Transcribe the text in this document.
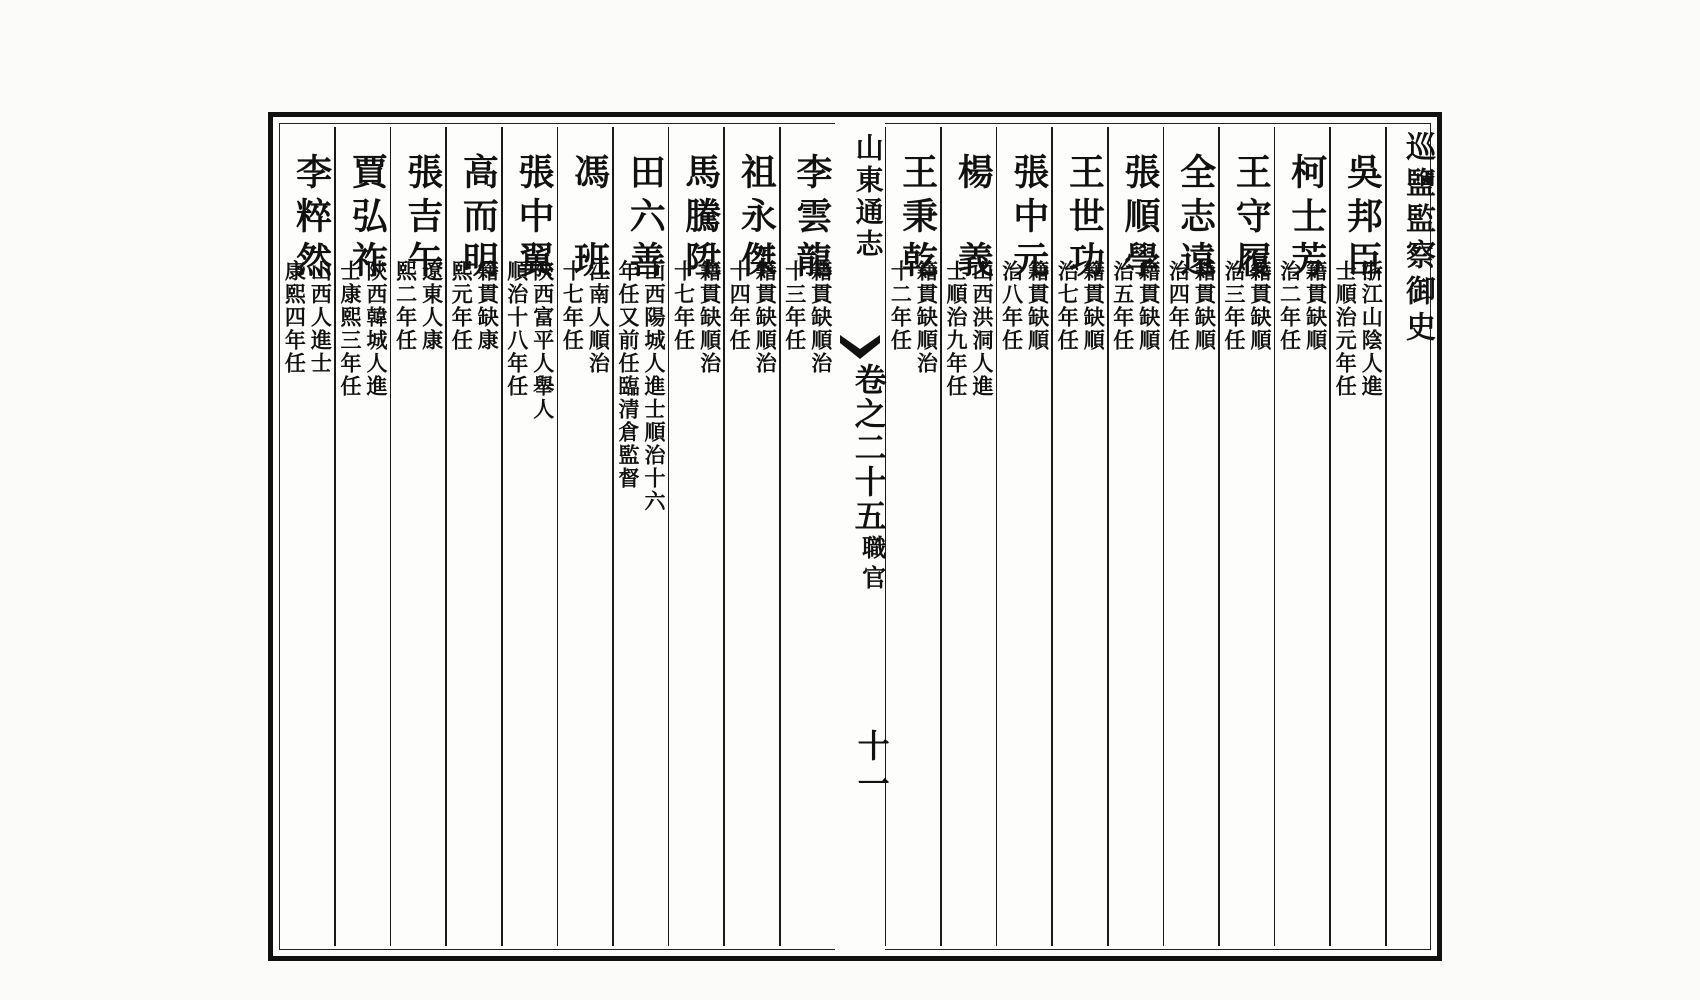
巡鹽監察御史
吳邦臣
浙江山陰人進
士順治元年任
柯士芳
籍貫缺順
治二年任
王守履
籍貫缺順
治三年任
全志遠
籍貫缺順
治四年任
張順學
籍貫缺順
治五年任
王世功
籍貫缺順
治七年任
張中元
籍貫缺順
治八年任
楊　義
山西洪洞人進
士順治九年任
王秉乾
籍貫缺順治
十二年任
李雲龍
籍貫缺順治
十三年任
祖永傑
籍貫缺順治
十四年任
馬騰陞
籍貫缺順治
十七年任
田六善
山西陽城人進士順治十六
年任又前任臨清倉監督
馮　班
江南人順治
十七年任
張中翼
陝西富平人舉人
順治十八年任
高而明
籍貫缺康
熙元年任
張吉午
遼東人康
熙二年任
賈弘祚
陝西韓城人進
士康熙三年任
李粹然
山西人進士
康熙四年任
山東通志
卷之二十五
職官
十一
